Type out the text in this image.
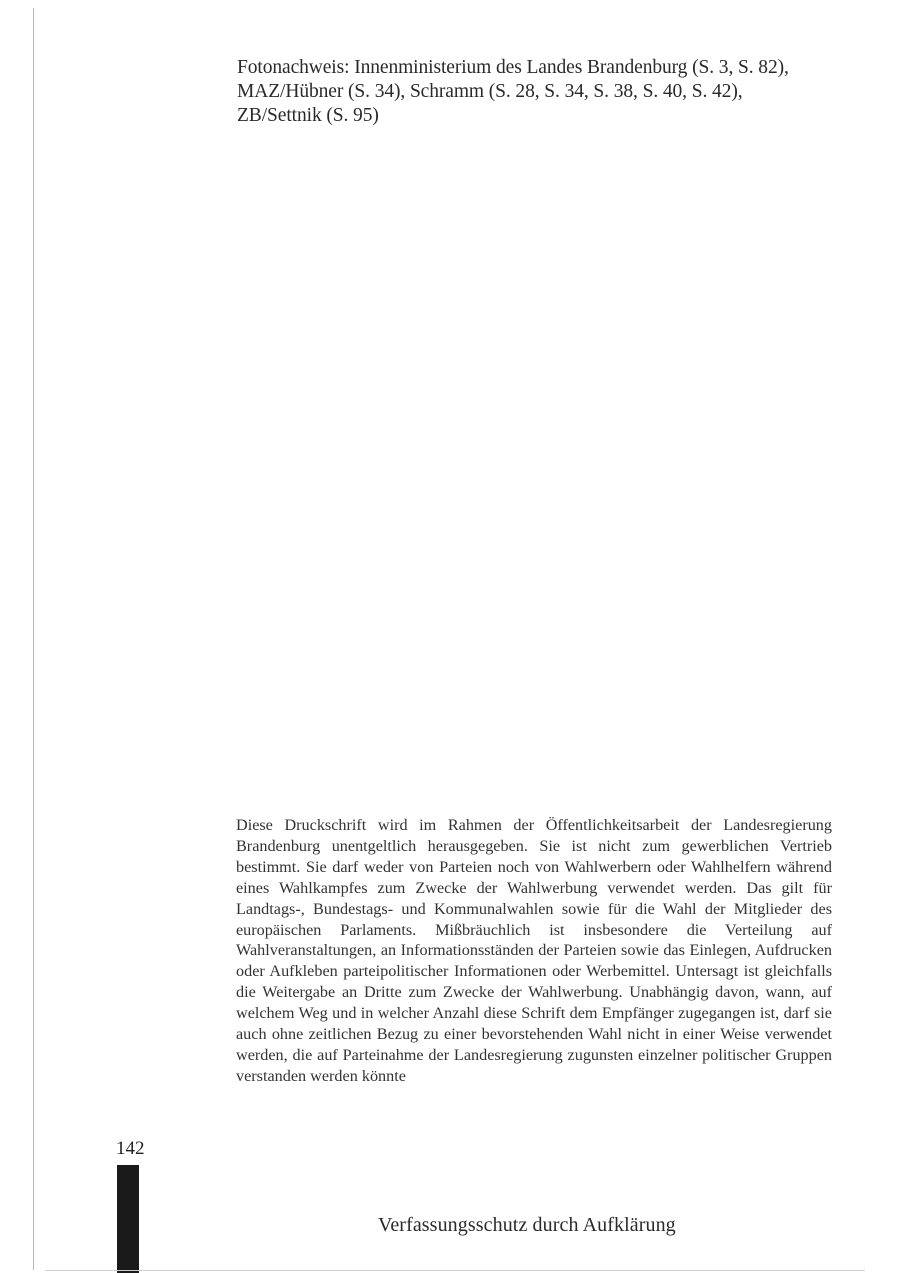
Fotonachweis: Innenministerium des Landes Brandenburg (S. 3, S. 82),
MAZ/Hübner (S. 34), Schramm (S. 28, S. 34, S. 38, S. 40, S. 42),
ZB/Settnik (S. 95)
Diese Druckschrift wird im Rahmen der Öffentlichkeitsarbeit der Landesregierung Brandenburg unentgeltlich herausgegeben. Sie ist nicht zum gewerblichen Vertrieb bestimmt. Sie darf weder von Parteien noch von Wahlwerbern oder Wahlhelfern während eines Wahlkampfes zum Zwecke der Wahlwerbung verwendet werden. Das gilt für Landtags-, Bundestags- und Kommunalwahlen sowie für die Wahl der Mitglieder des europäischen Parlaments. Mißbräuchlich ist insbesondere die Verteilung auf Wahlveranstaltungen, an Informationsständen der Parteien sowie das Einlegen, Aufdrucken oder Aufkleben parteipolitischer Informationen oder Werbemittel. Untersagt ist gleichfalls die Weitergabe an Dritte zum Zwecke der Wahlwerbung. Unabhängig davon, wann, auf welchem Weg und in welcher Anzahl diese Schrift dem Empfänger zugegangen ist, darf sie auch ohne zeitlichen Bezug zu einer bevorstehenden Wahl nicht in einer Weise verwendet werden, die auf Parteinahme der Landesregierung zugunsten einzelner politischer Gruppen verstanden werden könnte
142
Verfassungsschutz durch Aufklärung
